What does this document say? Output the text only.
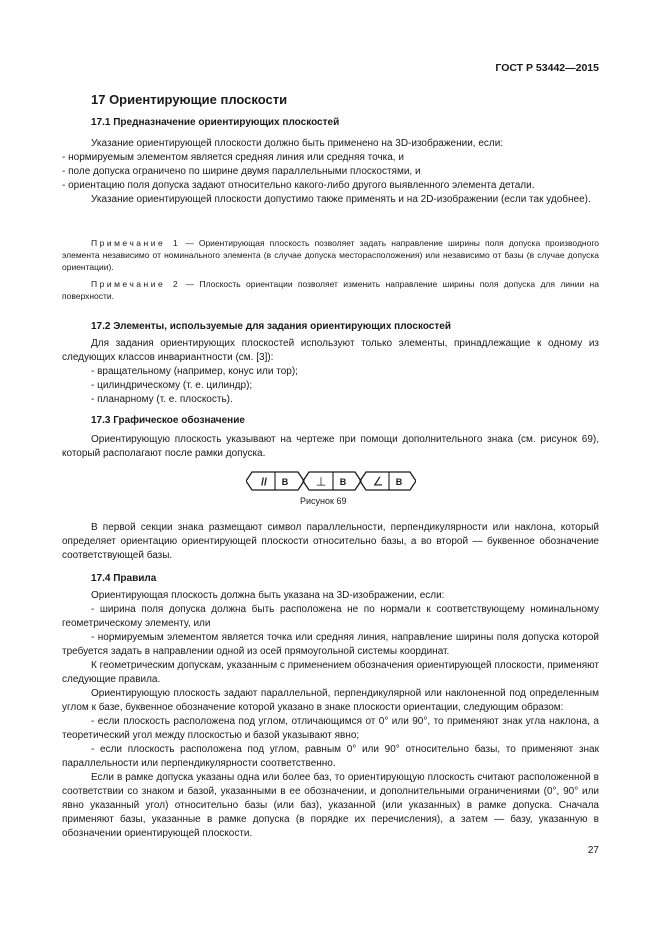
ГОСТ Р 53442—2015
17 Ориентирующие плоскости
17.1 Предназначение ориентирующих плоскостей
Указание ориентирующей плоскости должно быть применено на 3D-изображении, если:
- нормируемым элементом является средняя линия или средняя точка, и
- поле допуска ограничено по ширине двумя параллельными плоскостями, и
- ориентацию поля допуска задают относительно какого-либо другого выявленного элемента детали.
Указание ориентирующей плоскости допустимо также применять и на 2D-изображении (если так удобнее).
Примечание 1 — Ориентирующая плоскость позволяет задать направление ширины поля допуска производного элемента независимо от номинального элемента (в случае допуска месторасположения) или независимо от базы (в случае допуска ориентации).
Примечание 2 — Плоскость ориентации позволяет изменить направление ширины поля допуска для линии на поверхности.
17.2 Элементы, используемые для задания ориентирующих плоскостей
Для задания ориентирующих плоскостей используют только элементы, принадлежащие к одному из следующих классов инвариантности (см. [3]):
- вращательному (например, конус или тор);
- цилиндрическому (т. е. цилиндр);
- планарному (т. е. плоскость).
17.3 Графическое обозначение
Ориентирующую плоскость указывают на чертеже при помощи дополнительного знака (см. рисунок 69), который располагают после рамки допуска.
// B ⊥ B ∠ B
Рисунок 69
В первой секции знака размещают символ параллельности, перпендикулярности или наклона, который определяет ориентацию ориентирующей плоскости относительно базы, а во второй — буквенное обозначение соответствующей базы.
17.4 Правила
Ориентирующая плоскость должна быть указана на 3D-изображении, если:
- ширина поля допуска должна быть расположена не по нормали к соответствующему номинальному геометрическому элементу, или
- нормируемым элементом является точка или средняя линия, направление ширины поля допуска которой требуется задать в направлении одной из осей прямоугольной системы координат.
К геометрическим допускам, указанным с применением обозначения ориентирующей плоскости, применяют следующие правила.
Ориентирующую плоскость задают параллельной, перпендикулярной или наклоненной под определенным углом к базе, буквенное обозначение которой указано в знаке плоскости ориентации, следующим образом:
- если плоскость расположена под углом, отличающимся от 0° или 90°, то применяют знак угла наклона, а теоретический угол между плоскостью и базой указывают явно;
- если плоскость расположена под углом, равным 0° или 90° относительно базы, то применяют знак параллельности или перпендикулярности соответственно.
Если в рамке допуска указаны одна или более баз, то ориентирующую плоскость считают расположенной в соответствии со знаком и базой, указанными в ее обозначении, и дополнительными ограничениями (0°, 90° или явно указанный угол) относительно базы (или баз), указанной (или указанных) в рамке допуска. Сначала применяют базы, указанные в рамке допуска (в порядке их перечисления), а затем — базу, указанную в обозначении ориентирующей плоскости.
27
